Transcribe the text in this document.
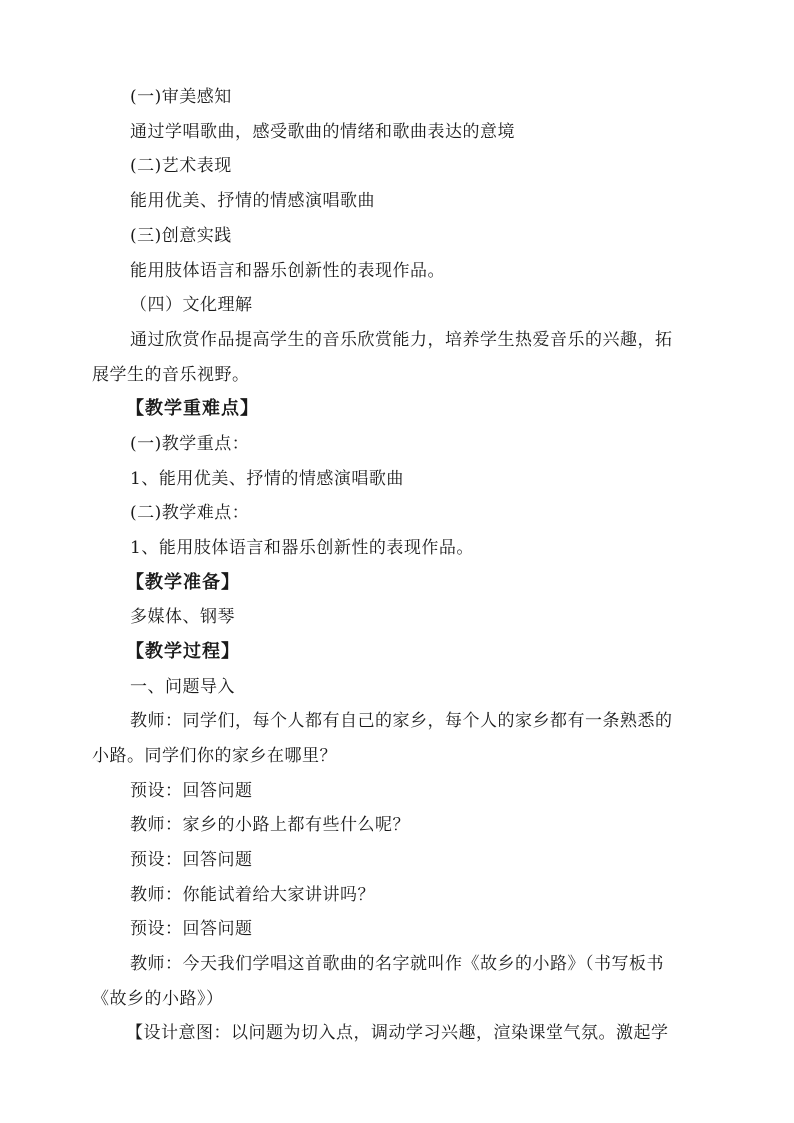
(一)审美感知
通过学唱歌曲，感受歌曲的情绪和歌曲表达的意境
(二)艺术表现
能用优美、抒情的情感演唱歌曲
(三)创意实践
能用肢体语言和器乐创新性的表现作品。
（四）文化理解
通过欣赏作品提高学生的音乐欣赏能力，培养学生热爱音乐的兴趣，拓
展学生的音乐视野。
【教学重难点】
(一)教学重点：
1、能用优美、抒情的情感演唱歌曲
(二)教学难点：
1、能用肢体语言和器乐创新性的表现作品。
【教学准备】
多媒体、钢琴
【教学过程】
一、问题导入
教师：同学们，每个人都有自己的家乡，每个人的家乡都有一条熟悉的
小路。同学们你的家乡在哪里？
预设：回答问题
教师：家乡的小路上都有些什么呢？
预设：回答问题
教师：你能试着给大家讲讲吗？
预设：回答问题
教师：今天我们学唱这首歌曲的名字就叫作《故乡的小路》（书写板书
《故乡的小路》）
【设计意图：以问题为切入点，调动学习兴趣，渲染课堂气氛。激起学
